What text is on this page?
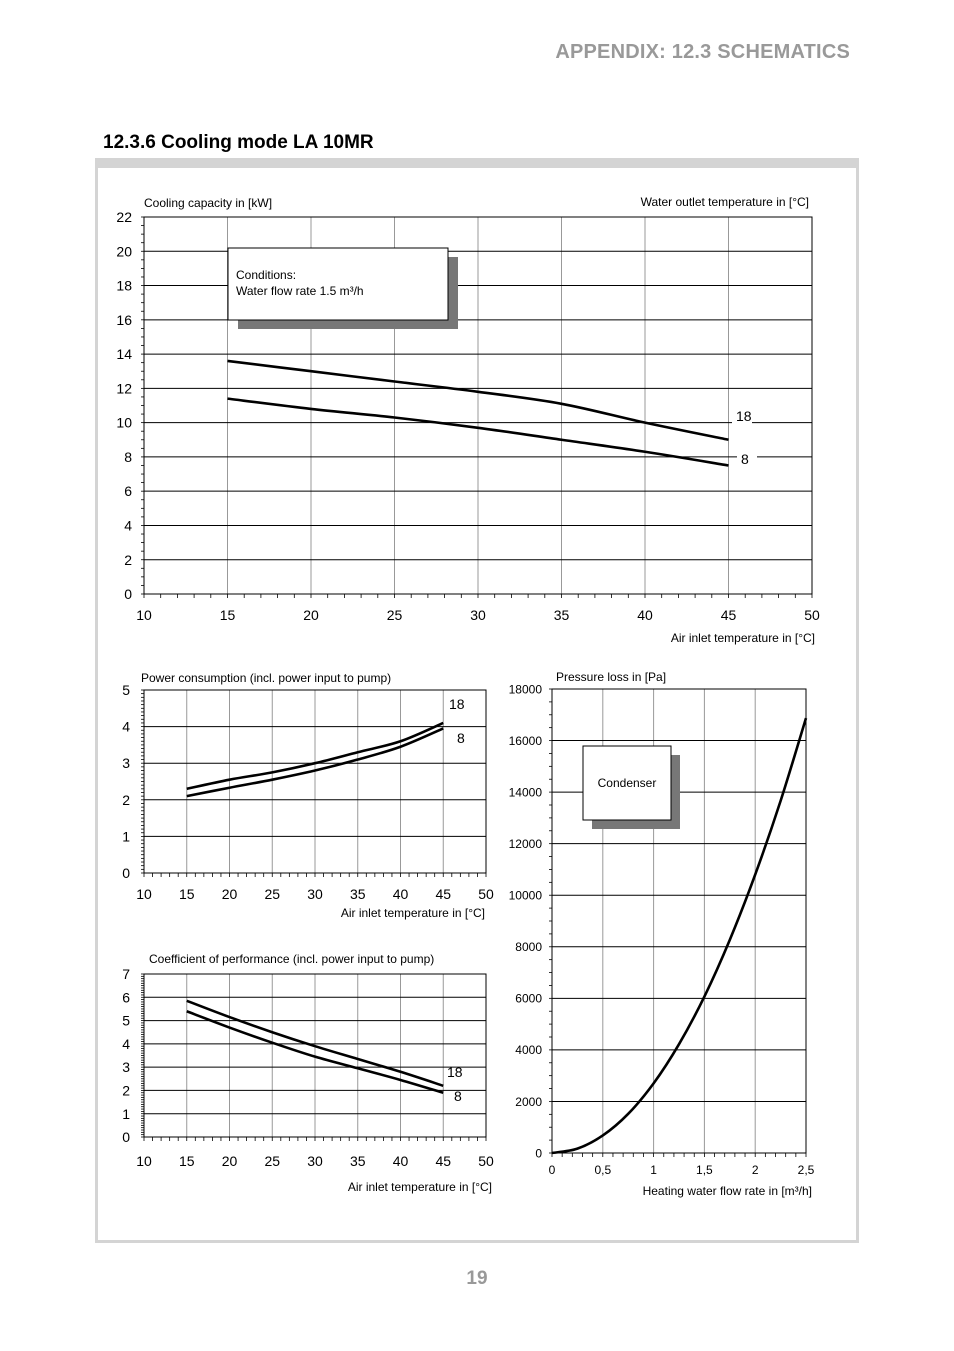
APPENDIX: 12.3 SCHEMATICS
12.3.6 Cooling mode LA 10MR
19
0
2
4
6
8
10
12
14
16
18
20
22
10	15	20	25	30	35	40	45	50
Cooling capacity in [kW]
Air inlet temperature in [°C]
Water outlet temperature in [°C]
Conditions:
Water flow rate 1.5 m³/h
18
8
0
1
2
3
4
5
10 15 20 25 30 35 40 45 50
Power consumption (incl. power input to pump)
Air inlet temperature in [°C]
18
8
0
1
2
3
4
5
6
7
10 15 20 25 30 35 40 45 50
Coefficient of performance (incl. power input to pump)
Air inlet temperature in [°C]
18
8
0
2000
4000
6000
8000
10000
12000
14000
16000
18000
0	0,5	1	1,5	2	2,5
Pressure loss in [Pa]
Heating water flow rate in [m³/h]
Condenser
